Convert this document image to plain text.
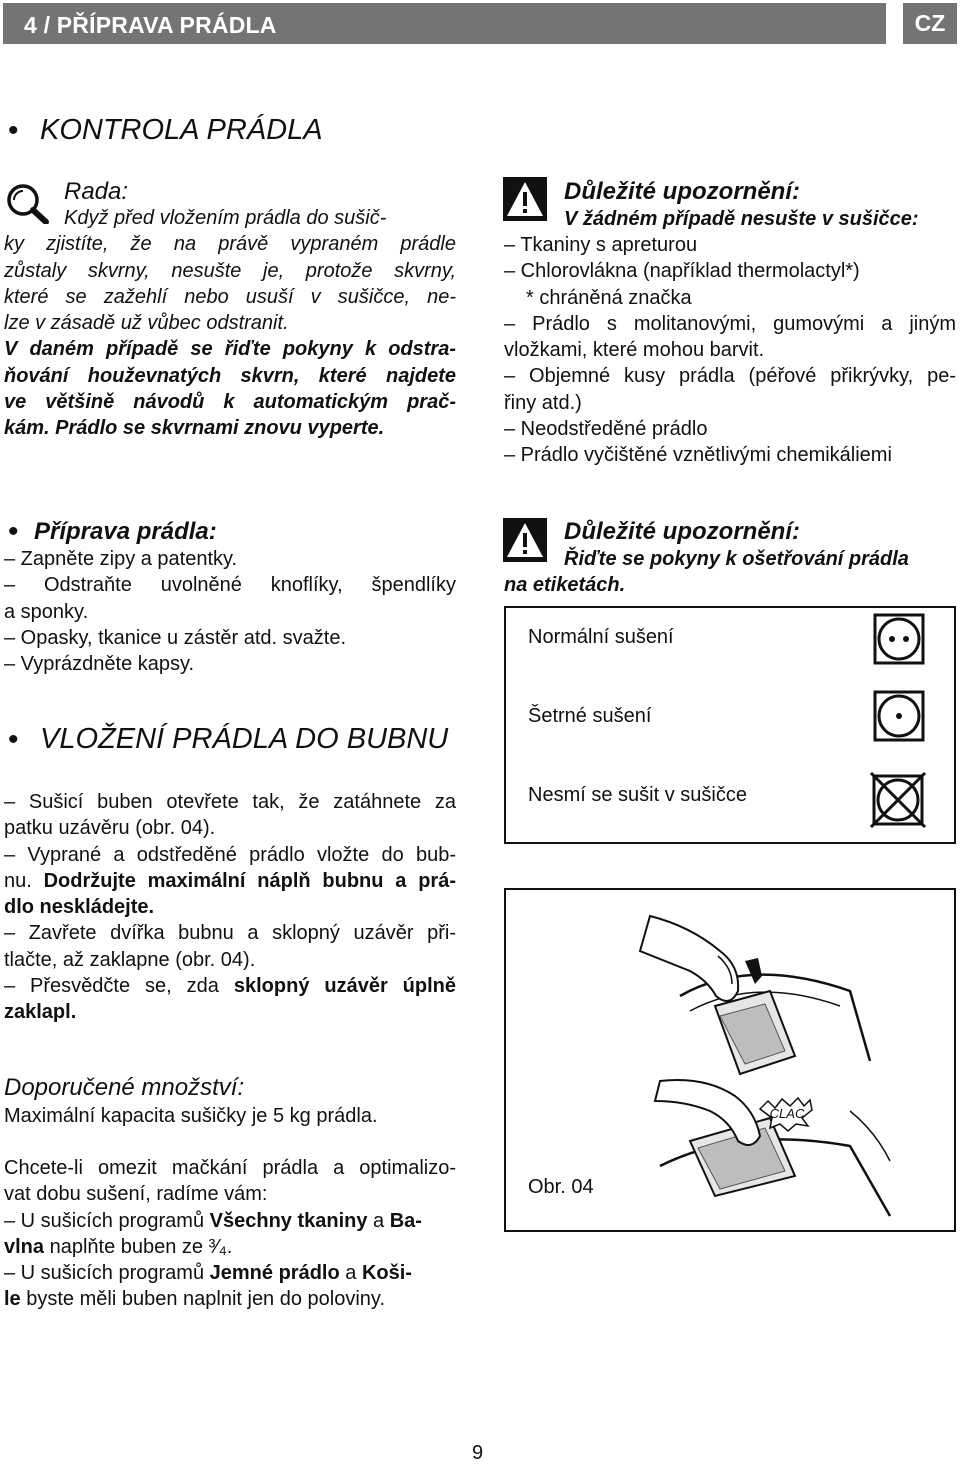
4 / PŘÍPRAVA PRÁDLA	CZ
• KONTROLA PRÁDLA
Rada:
Když před vložením prádla do sušič-
ky zjistíte, že na právě vypraném prádle
zůstaly skvrny, nesušte je, protože skvrny,
které se zažehlí nebo usuší v sušičce, ne-
lze v zásadě už vůbec odstranit.
V daném případě se řiďte pokyny k odstra-
ňování houževnatých skvrn, které najdete
ve většině návodů k automatickým prač-
kám. Prádlo se skvrnami znovu vyperte.
Důležité upozornění:
V žádném případě nesušte v sušičce:
– Tkaniny s apreturou
– Chlorovlákna (například thermolactyl*)
* chráněná značka
– Prádlo s molitanovými, gumovými a jiným
vložkami, které mohou barvit.
– Objemné kusy prádla (péřové přikrývky, pe-
řiny atd.)
– Neodstředěné prádlo
– Prádlo vyčištěné vznětlivými chemikáliemi
• Příprava prádla:
– Zapněte zipy a patentky.
– Odstraňte uvolněné knoflíky, špendlíky
a sponky.
– Opasky, tkanice u zástěr atd. svažte.
– Vyprázdněte kapsy.
Důležité upozornění:
Řiďte se pokyny k ošetřování prádla
na etiketách.
Normální sušení
Šetrné sušení
Nesmí se sušit v sušičce
• VLOŽENÍ PRÁDLA DO BUBNU
– Sušicí buben otevřete tak, že zatáhnete za
patku uzávěru (obr. 04).
– Vyprané a odstředěné prádlo vložte do bub-
nu. Dodržujte maximální náplň bubnu a prá-
dlo neskládejte.
– Zavřete dvířka bubnu a sklopný uzávěr při-
tlačte, až zaklapne (obr. 04).
– Přesvědčte se, zda sklopný uzávěr úplně
zaklapl.
CLAC
Obr. 04
Doporučené množství:
Maximální kapacita sušičky je 5 kg prádla.
Chcete-li omezit mačkání prádla a optimalizo-
vat dobu sušení, radíme vám:
– U sušicích programů Všechny tkaniny a Ba-
vlna naplňte buben ze ³⁄₄.
– U sušicích programů Jemné prádlo a Koši-
le byste měli buben naplnit jen do poloviny.
9
